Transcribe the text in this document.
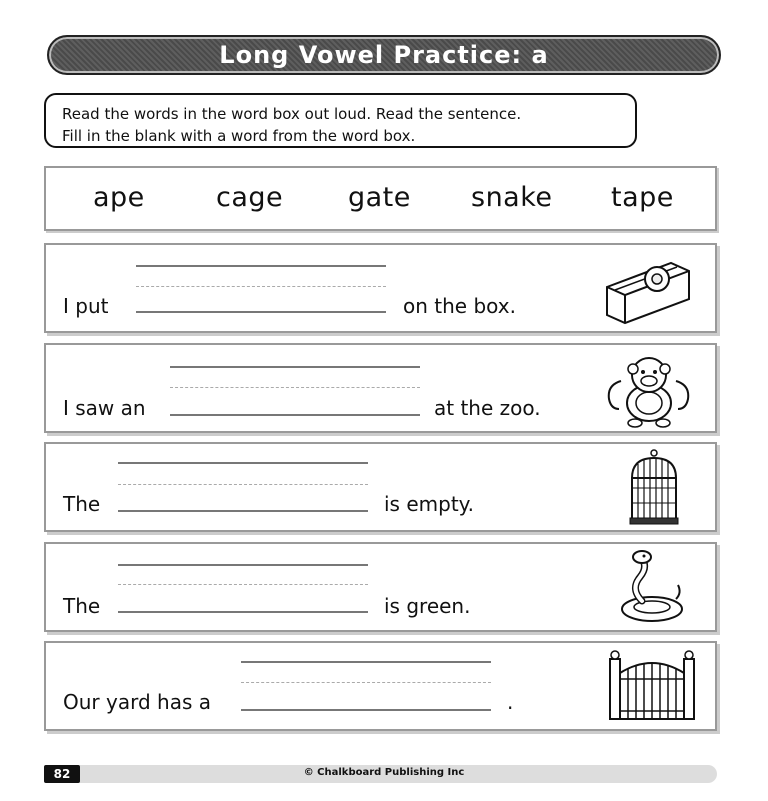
Long Vowel Practice: a
Read the words in the word box out loud. Read the sentence.
Fill in the blank with a word from the word box.
ape	cage gate snake tape
I put	on the box.
I saw an	at the zoo.
The	is empty.
The	is green.
Our yard has a	.
82	© Chalkboard Publishing Inc
